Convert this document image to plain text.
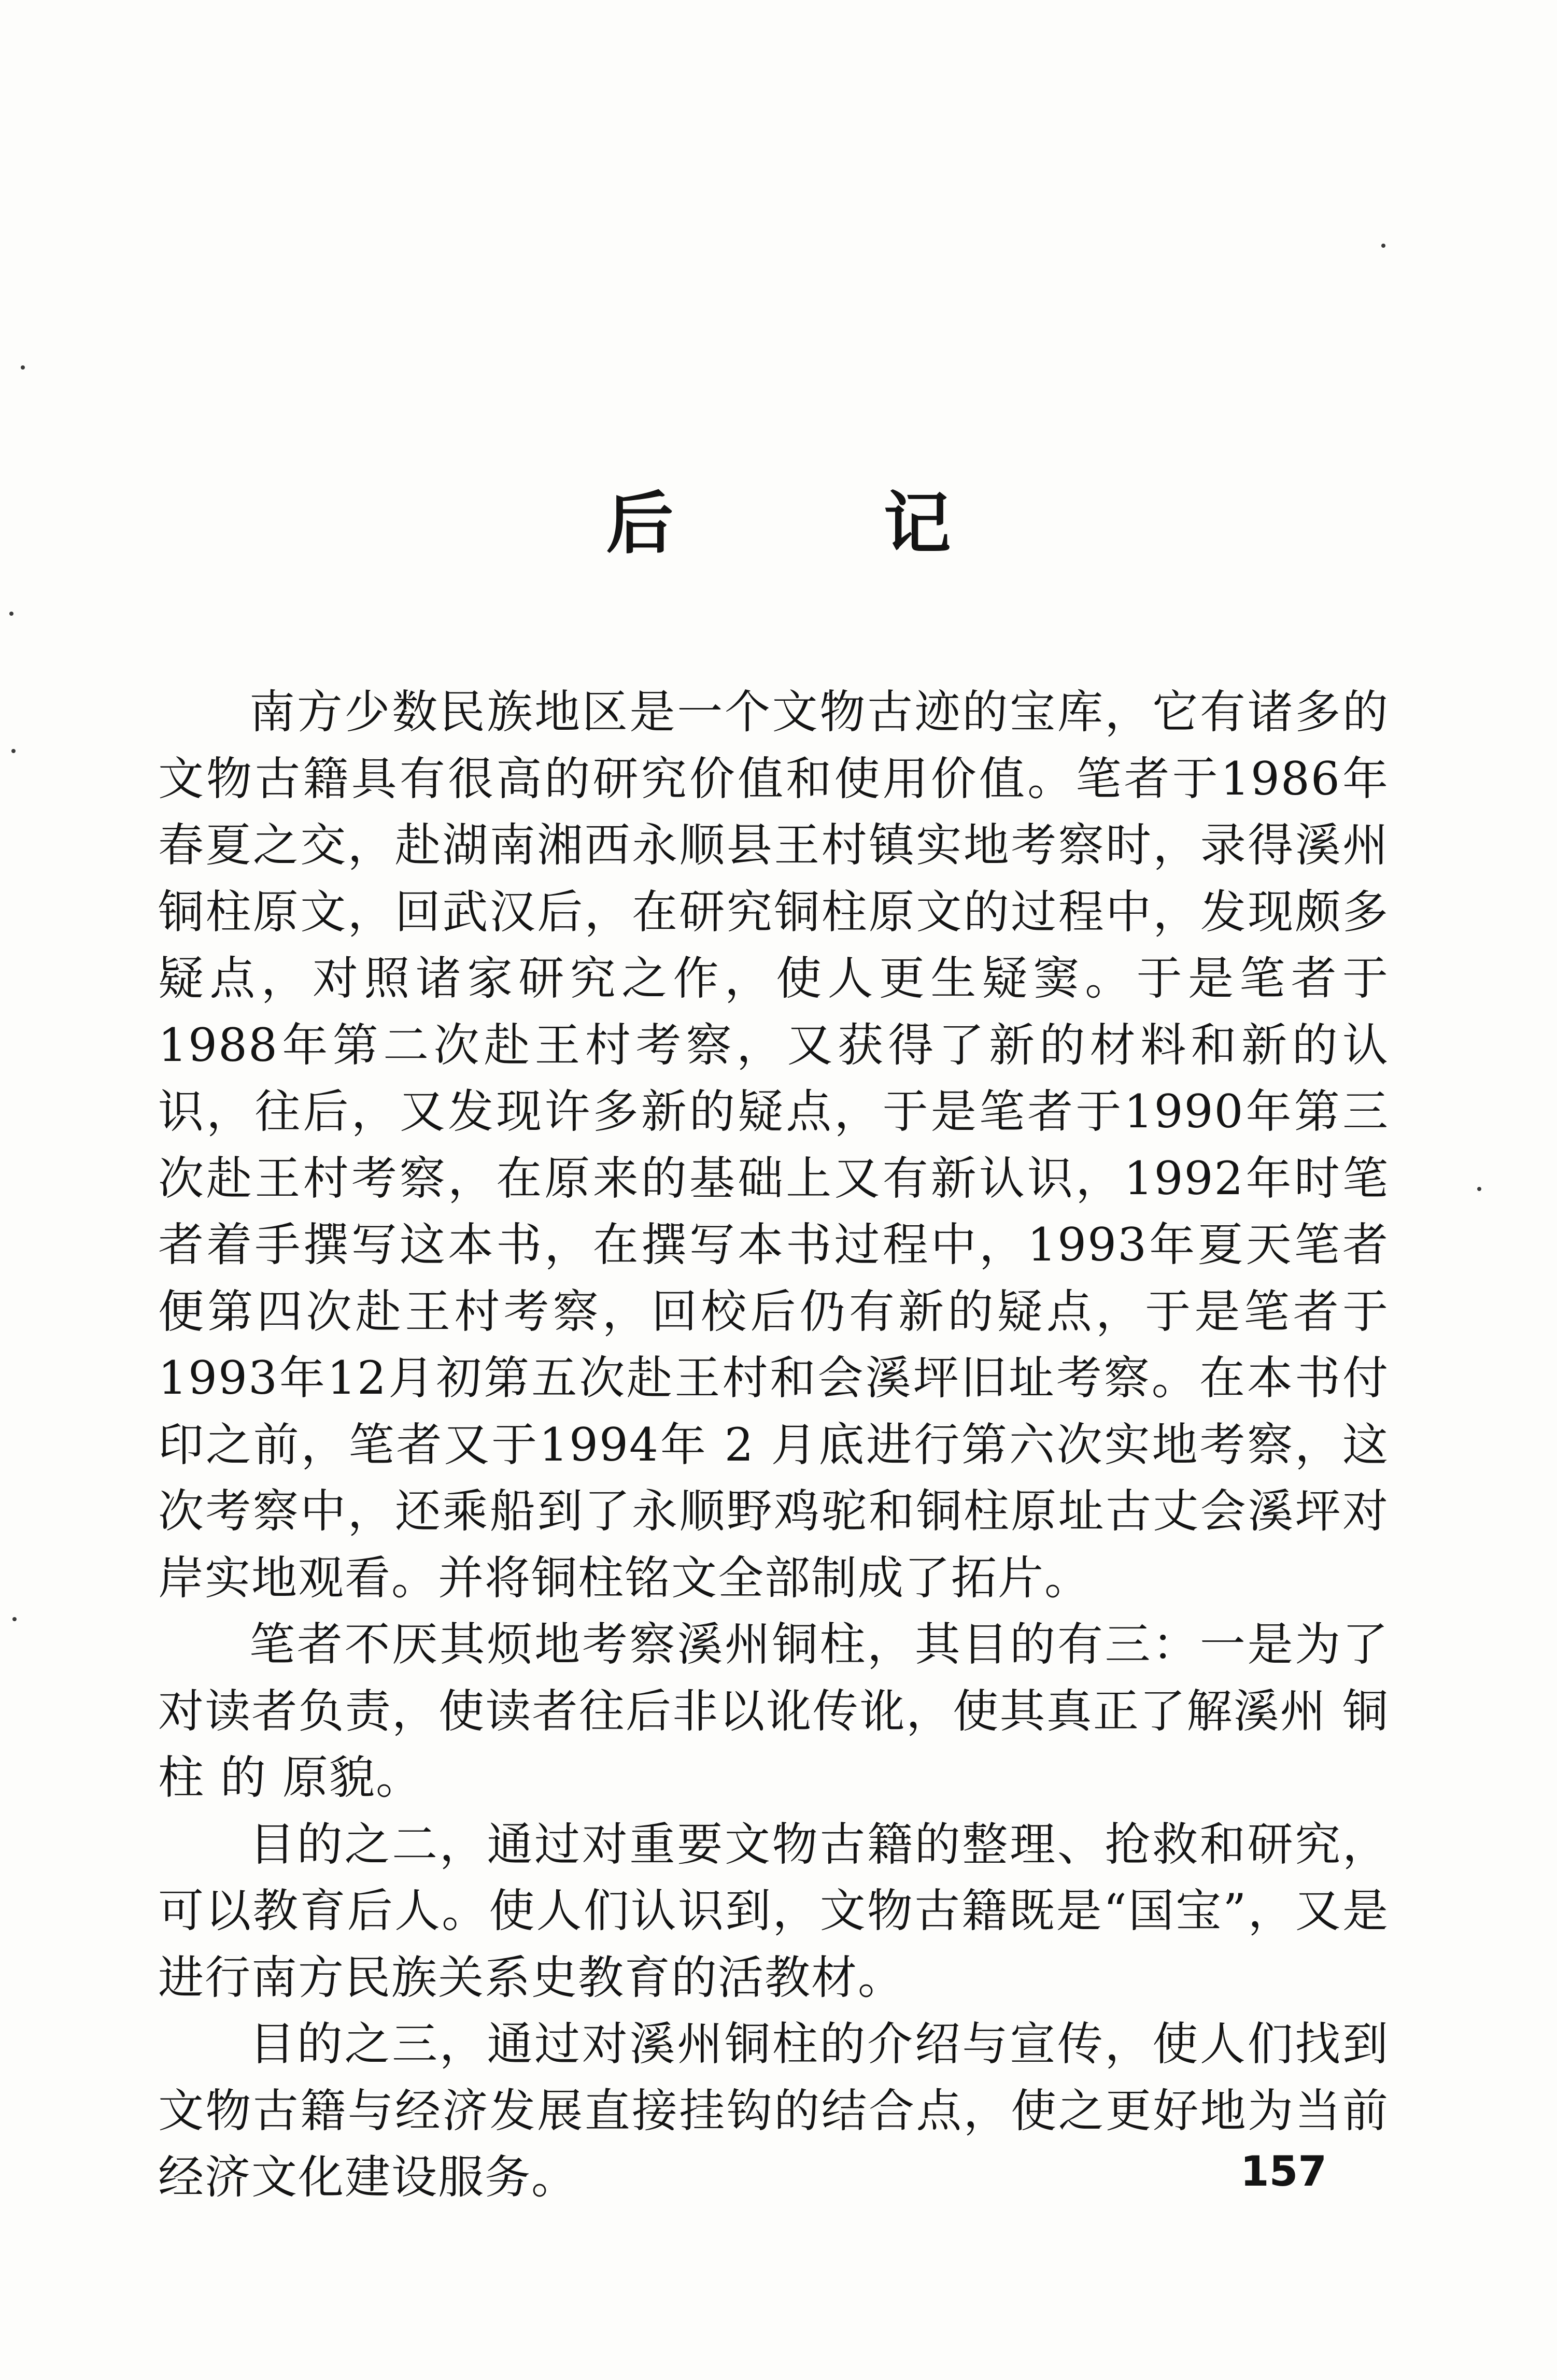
后 记

南方少数民族地区是一个文物古迹的宝库，它有诸多的文物古籍具有很高的研究价值和使用价值。笔者于1986年春夏之交，赴湖南湘西永顺县王村镇实地考察时，录得溪州铜柱原文，回武汉后，在研究铜柱原文的过程中，发现颇多疑点，对照诸家研究之作，使人更生疑窦。于是笔者于1988年第二次赴王村考察，又获得了新的材料和新的认识，往后，又发现许多新的疑点，于是笔者于1990年第三次赴王村考察，在原来的基础上又有新认识，1992年时笔者着手撰写这本书，在撰写本书过程中，1993年夏天笔者便第四次赴王村考察，回校后仍有新的疑点，于是笔者于1993年12月初第五次赴王村和会溪坪旧址考察。在本书付印之前，笔者又于1994年 2 月底进行第六次实地考察，这次考察中，还乘船到了永顺野鸡驼和铜柱原址古丈会溪坪对岸实地观看。并将铜柱铭文全部制成了拓片。

笔者不厌其烦地考察溪州铜柱，其目的有三：一是为了对读者负责，使读者往后非以讹传讹，使其真正了解溪州 铜 柱 的 原貌。

目的之二，通过对重要文物古籍的整理、抢救和研究，可以教育后人。使人们认识到，文物古籍既是“国宝”，又是进行南方民族关系史教育的活教材。

目的之三，通过对溪州铜柱的介绍与宣传，使人们找到文物古籍与经济发展直接挂钩的结合点，使之更好地为当前经济文化建设服务。	157
